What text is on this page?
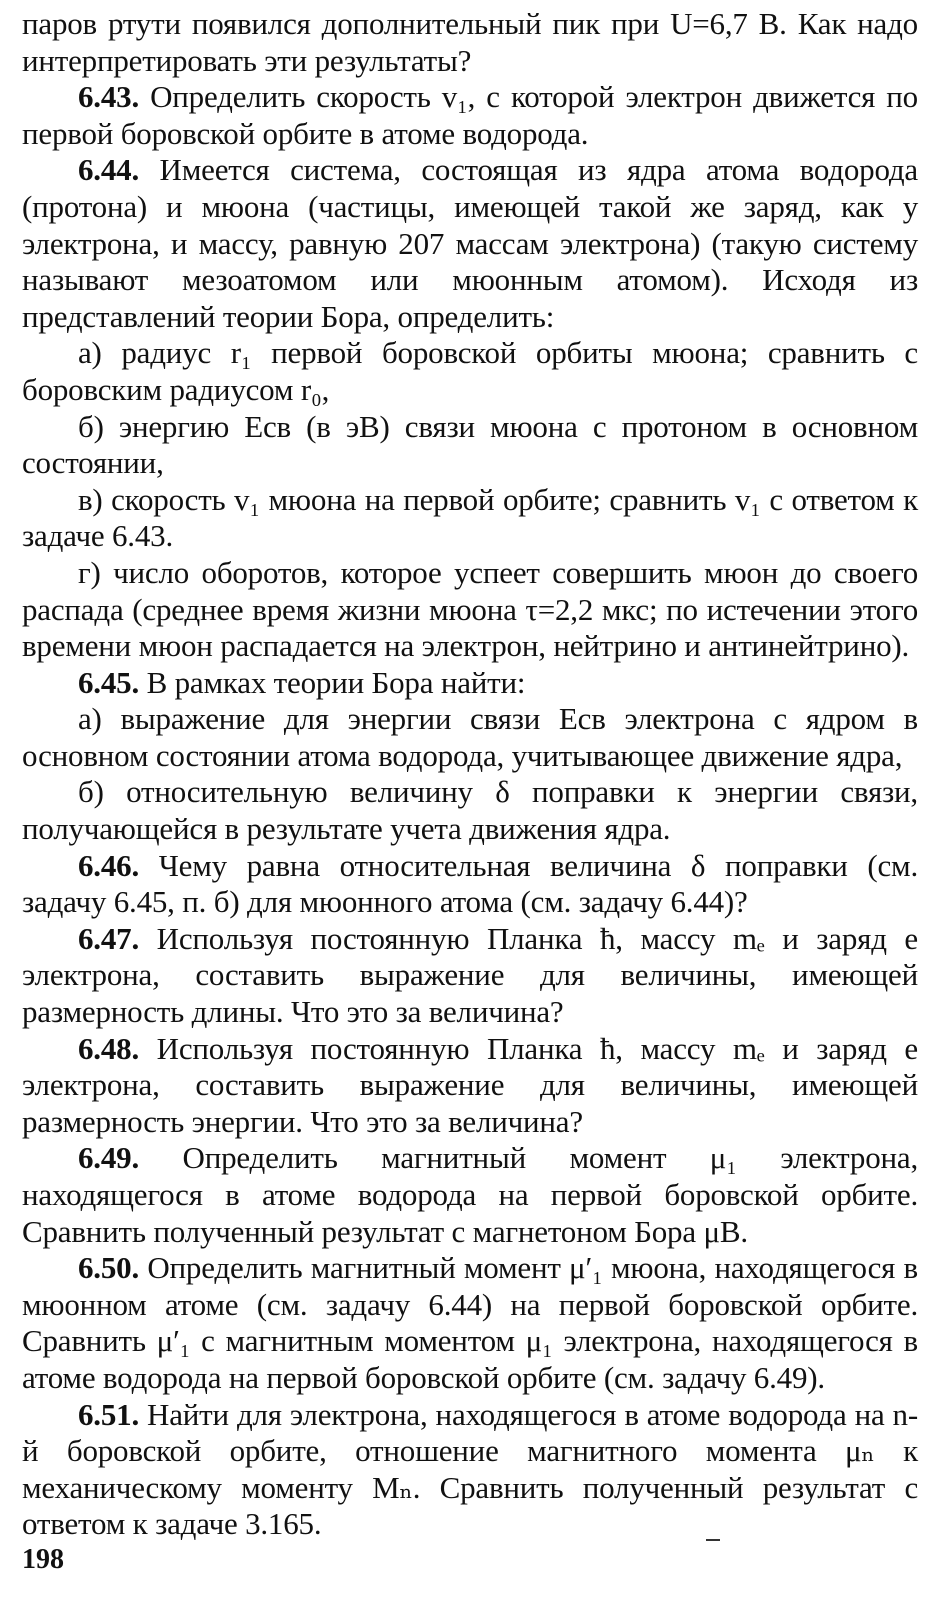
паров ртути появился дополнительный пик при U=6,7 В. Как надо интерпретировать эти результаты?

6.43. Определить скорость v₁, с которой электрон движется по первой боровской орбите в атоме водорода.

6.44. Имеется система, состоящая из ядра атома водорода (протона) и мюона (частицы, имеющей такой же заряд, как у электрона, и массу, равную 207 массам электрона) (такую систему называют мезоатомом или мюонным атомом). Исходя из представлений теории Бора, определить:

а) радиус r₁ первой боровской орбиты мюона; сравнить с боровским радиусом r₀,

б) энергию Eсв (в эВ) связи мюона с протоном в основном состоянии,

в) скорость v₁ мюона на первой орбите; сравнить v₁ с ответом к задаче 6.43.

г) число оборотов, которое успеет совершить мюон до своего распада (среднее время жизни мюона τ=2,2 мкс; по истечении этого времени мюон распадается на электрон, нейтрино и антинейтрино).

6.45. В рамках теории Бора найти:

а) выражение для энергии связи Eсв электрона с ядром в основном состоянии атома водорода, учитывающее движение ядра,

б) относительную величину δ поправки к энергии связи, получающейся в результате учета движения ядра.

6.46. Чему равна относительная величина δ поправки (см. задачу 6.45, п. б) для мюонного атома (см. задачу 6.44)?

6.47. Используя постоянную Планка ħ, массу mₑ и заряд e электрона, составить выражение для величины, имеющей размерность длины. Что это за величина?

6.48. Используя постоянную Планка ħ, массу mₑ и заряд e электрона, составить выражение для величины, имеющей размерность энергии. Что это за величина?

6.49. Определить магнитный момент μ₁ электрона, находящегося в атоме водорода на первой боровской орбите. Сравнить полученный результат с магнетоном Бора μB.

6.50. Определить магнитный момент μ′₁ мюона, находящегося в мюонном атоме (см. задачу 6.44) на первой боровской орбите. Сравнить μ′₁ с магнитным моментом μ₁ электрона, находящегося в атоме водорода на первой боровской орбите (см. задачу 6.49).

6.51. Найти для электрона, находящегося в атоме водорода на n-й боровской орбите, отношение магнитного момента μₙ к механическому моменту Mₙ. Сравнить полученный результат с ответом к задаче 3.165.

198
